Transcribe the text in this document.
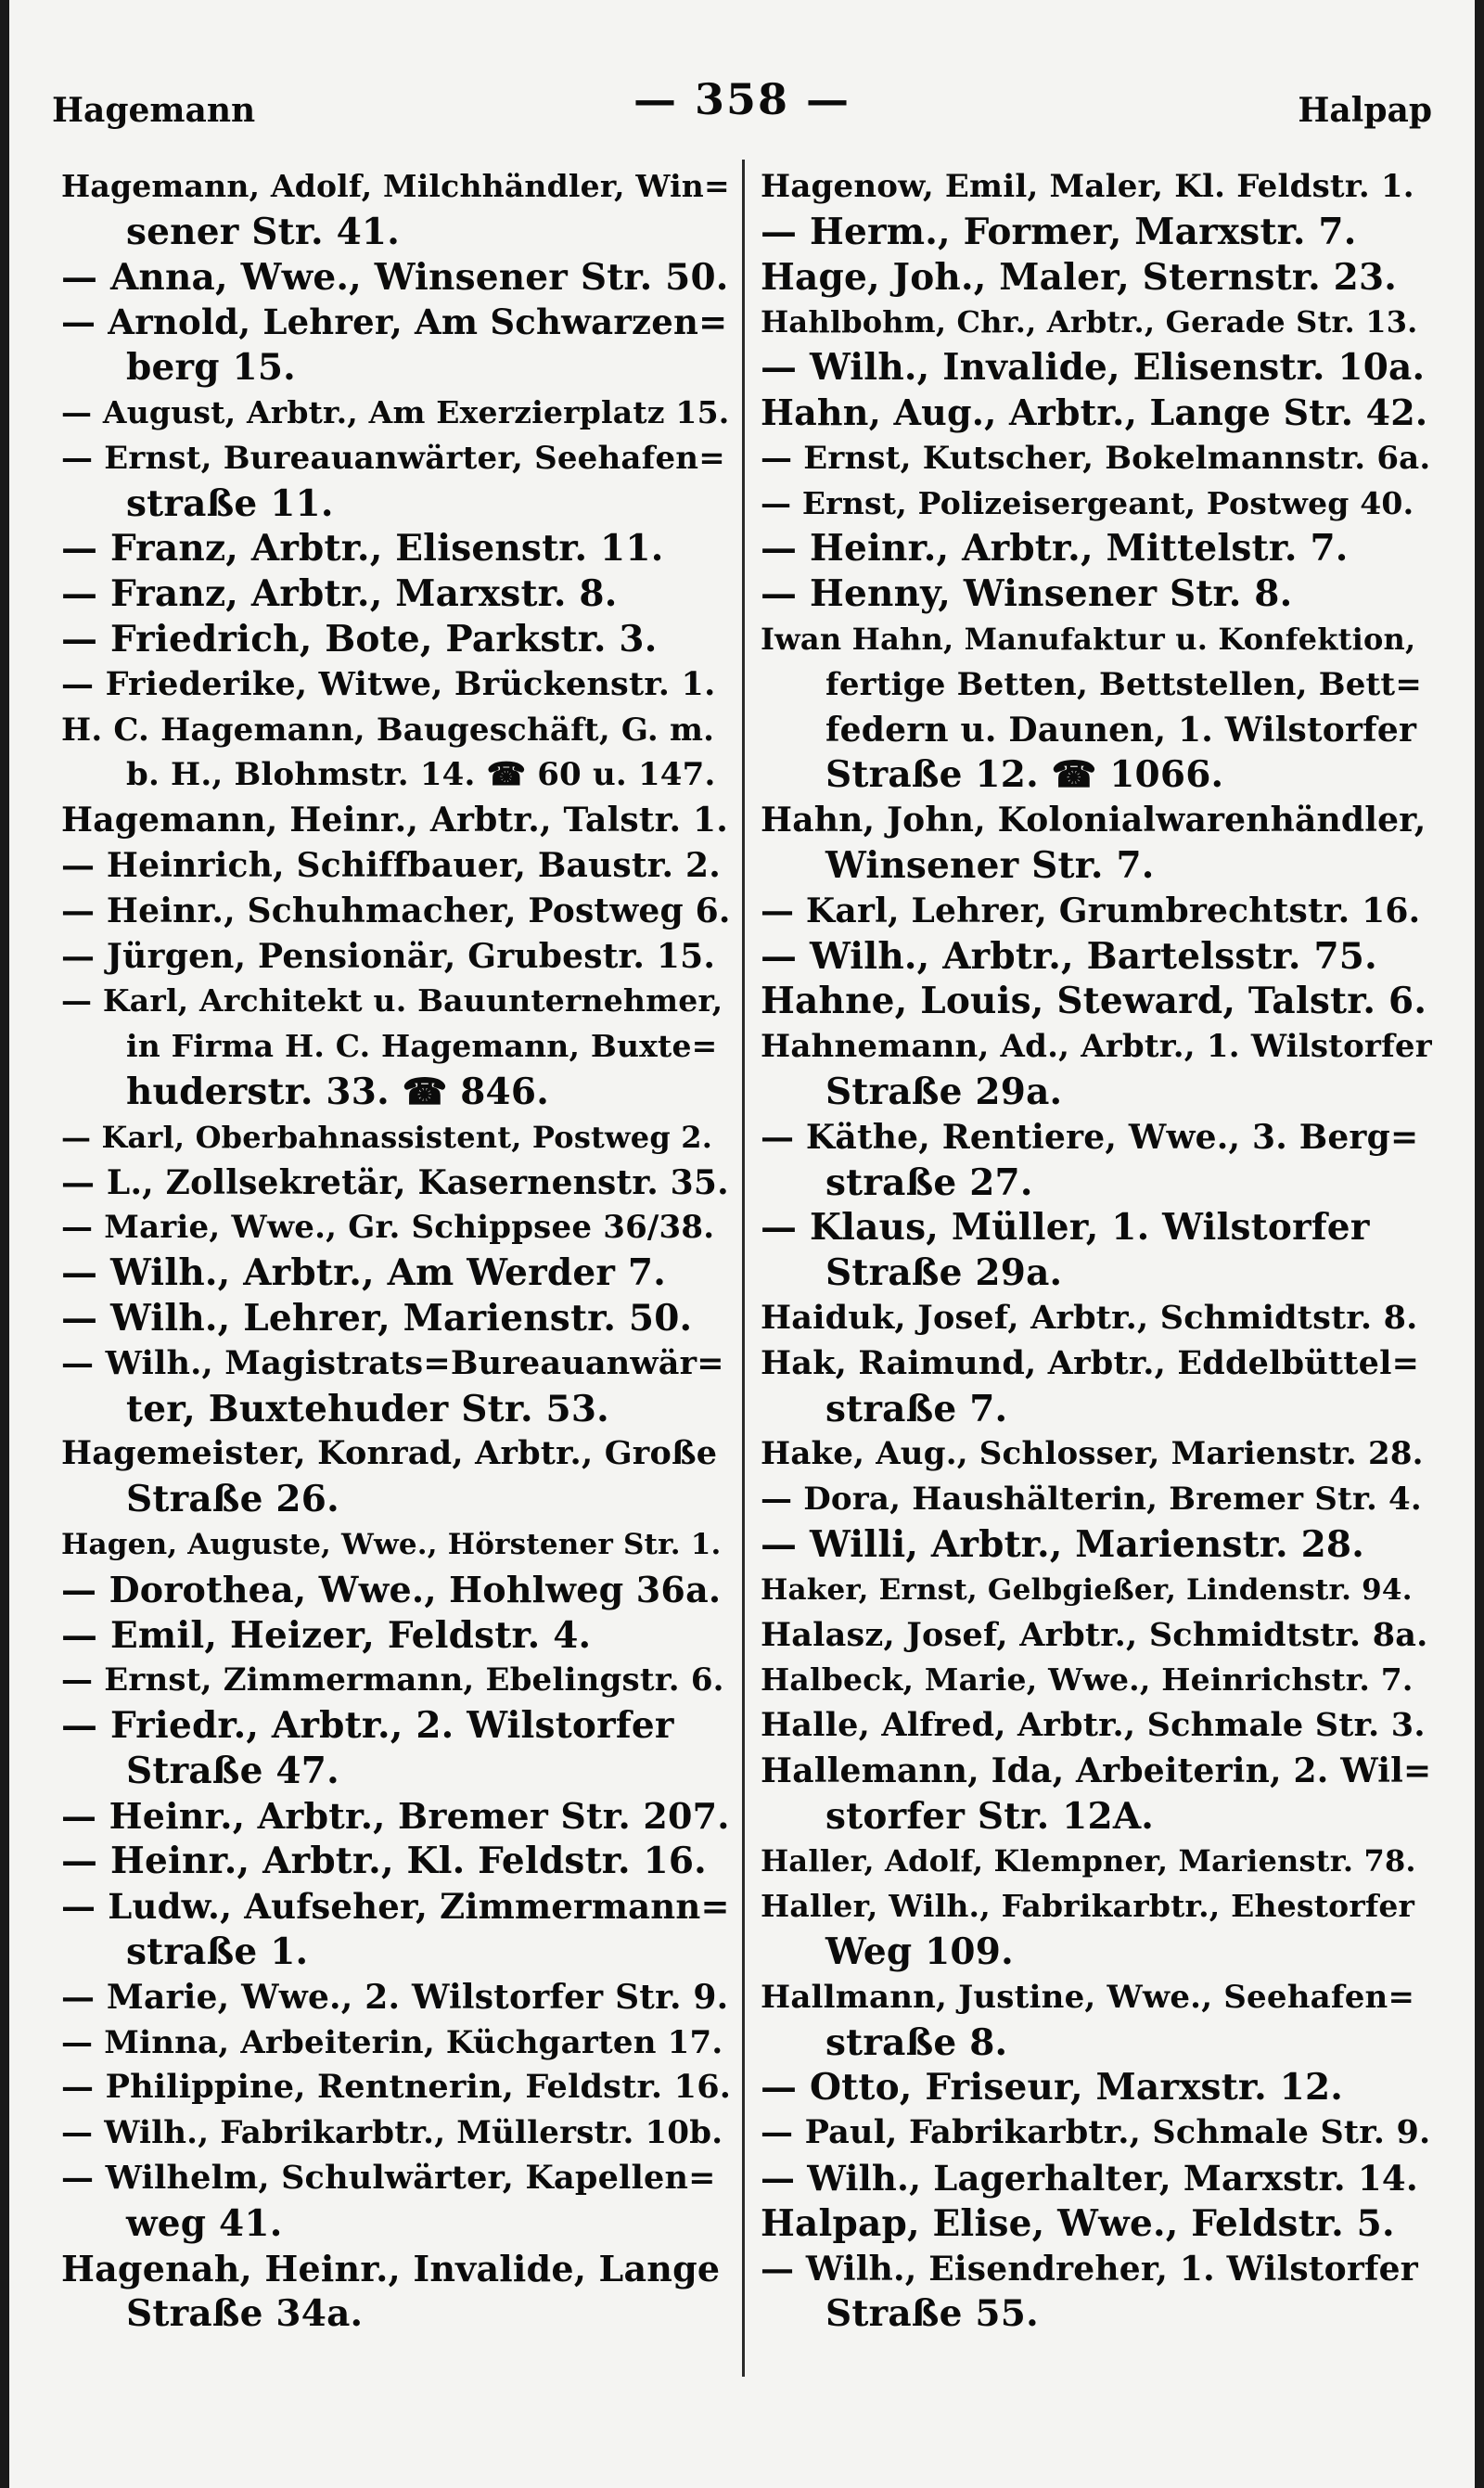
Hagemann	— 358 —	Halpap
Hagemann, Adolf, Milchhändler, Win=
sener Str. 41.
— Anna, Wwe., Winsener Str. 50.
— Arnold, Lehrer, Am Schwarzen=
berg 15.
— August, Arbtr., Am Exerzierplatz 15.
— Ernst, Bureauanwärter, Seehafen=
straße 11.
— Franz, Arbtr., Elisenstr. 11.
— Franz, Arbtr., Marxstr. 8.
— Friedrich, Bote, Parkstr. 3.
— Friederike, Witwe, Brückenstr. 1.
H. C. Hagemann, Baugeschäft, G. m.
b. H., Blohmstr. 14. ☎ 60 u. 147.
Hagemann, Heinr., Arbtr., Talstr. 1.
— Heinrich, Schiffbauer, Baustr. 2.
— Heinr., Schuhmacher, Postweg 6.
— Jürgen, Pensionär, Grubestr. 15.
— Karl, Architekt u. Bauunternehmer,
in Firma H. C. Hagemann, Buxte=
huderstr. 33. ☎ 846.
— Karl, Oberbahnassistent, Postweg 2.
— L., Zollsekretär, Kasernenstr. 35.
— Marie, Wwe., Gr. Schippsee 36/38.
— Wilh., Arbtr., Am Werder 7.
— Wilh., Lehrer, Marienstr. 50.
— Wilh., Magistrats=Bureauanwär=
ter, Buxtehuder Str. 53.
Hagemeister, Konrad, Arbtr., Große
Straße 26.
Hagen, Auguste, Wwe., Hörstener Str. 1.
— Dorothea, Wwe., Hohlweg 36a.
— Emil, Heizer, Feldstr. 4.
— Ernst, Zimmermann, Ebelingstr. 6.
— Friedr., Arbtr., 2. Wilstorfer
Straße 47.
— Heinr., Arbtr., Bremer Str. 207.
— Heinr., Arbtr., Kl. Feldstr. 16.
— Ludw., Aufseher, Zimmermann=
straße 1.
— Marie, Wwe., 2. Wilstorfer Str. 9.
— Minna, Arbeiterin, Küchgarten 17.
— Philippine, Rentnerin, Feldstr. 16.
— Wilh., Fabrikarbtr., Müllerstr. 10b.
— Wilhelm, Schulwärter, Kapellen=
weg 41.
Hagenah, Heinr., Invalide, Lange
Straße 34a.
Hagenow, Emil, Maler, Kl. Feldstr. 1.
— Herm., Former, Marxstr. 7.
Hage, Joh., Maler, Sternstr. 23.
Hahlbohm, Chr., Arbtr., Gerade Str. 13.
— Wilh., Invalide, Elisenstr. 10a.
Hahn, Aug., Arbtr., Lange Str. 42.
— Ernst, Kutscher, Bokelmannstr. 6a.
— Ernst, Polizeisergeant, Postweg 40.
— Heinr., Arbtr., Mittelstr. 7.
— Henny, Winsener Str. 8.
Iwan Hahn, Manufaktur u. Konfektion,
fertige Betten, Bettstellen, Bett=
federn u. Daunen, 1. Wilstorfer
Straße 12. ☎ 1066.
Hahn, John, Kolonialwarenhändler,
Winsener Str. 7.
— Karl, Lehrer, Grumbrechtstr. 16.
— Wilh., Arbtr., Bartelsstr. 75.
Hahne, Louis, Steward, Talstr. 6.
Hahnemann, Ad., Arbtr., 1. Wilstorfer
Straße 29a.
— Käthe, Rentiere, Wwe., 3. Berg=
straße 27.
— Klaus, Müller, 1. Wilstorfer
Straße 29a.
Haiduk, Josef, Arbtr., Schmidtstr. 8.
Hak, Raimund, Arbtr., Eddelbüttel=
straße 7.
Hake, Aug., Schlosser, Marienstr. 28.
— Dora, Haushälterin, Bremer Str. 4.
— Willi, Arbtr., Marienstr. 28.
Haker, Ernst, Gelbgießer, Lindenstr. 94.
Halasz, Josef, Arbtr., Schmidtstr. 8a.
Halbeck, Marie, Wwe., Heinrichstr. 7.
Halle, Alfred, Arbtr., Schmale Str. 3.
Hallemann, Ida, Arbeiterin, 2. Wil=
storfer Str. 12A.
Haller, Adolf, Klempner, Marienstr. 78.
Haller, Wilh., Fabrikarbtr., Ehestorfer
Weg 109.
Hallmann, Justine, Wwe., Seehafen=
straße 8.
— Otto, Friseur, Marxstr. 12.
— Paul, Fabrikarbtr., Schmale Str. 9.
— Wilh., Lagerhalter, Marxstr. 14.
Halpap, Elise, Wwe., Feldstr. 5.
— Wilh., Eisendreher, 1. Wilstorfer
Straße 55.
